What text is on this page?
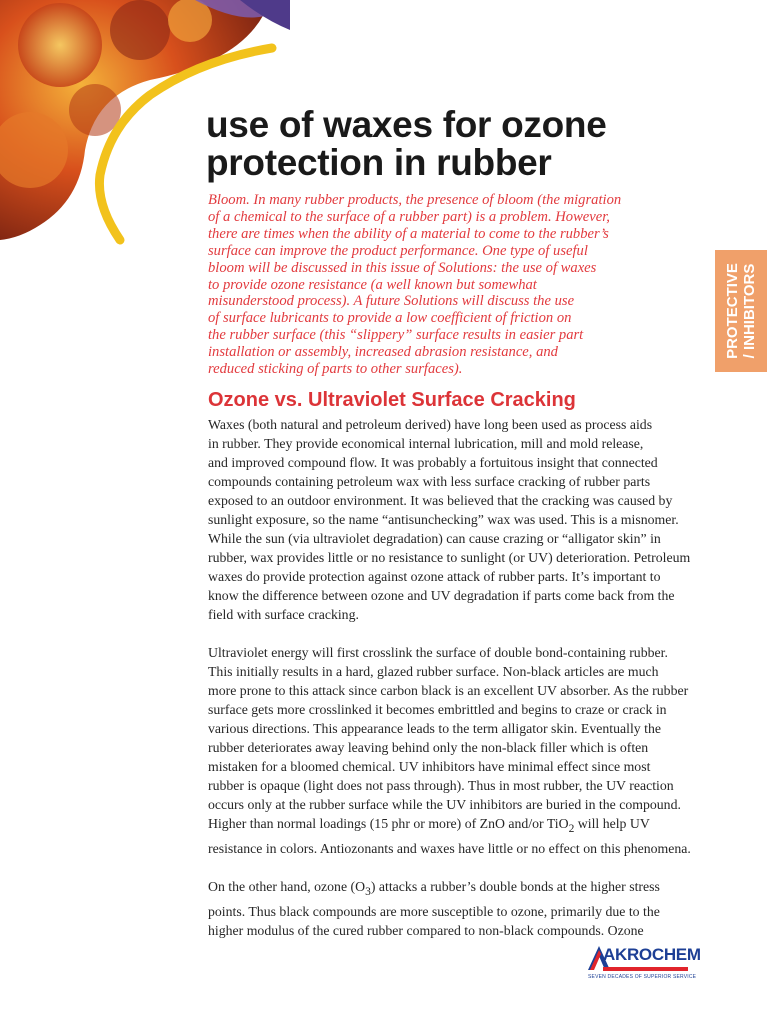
PROTECTIVE / INHIBITORS
use of waxes for ozone
protection in rubber
Bloom. In many rubber products, the presence of bloom (the migration
of a chemical to the surface of a rubber part) is a problem. However,
there are times when the ability of a material to come to the rubber’s
surface can improve the product performance. One type of useful
bloom will be discussed in this issue of Solutions: the use of waxes
to provide ozone resistance (a well known but somewhat
misunderstood process). A future Solutions will discuss the use
of surface lubricants to provide a low coefficient of friction on
the rubber surface (this “slippery” surface results in easier part
installation or assembly, increased abrasion resistance, and
reduced sticking of parts to other surfaces).
Ozone vs. Ultraviolet Surface Cracking

Waxes (both natural and petroleum derived) have long been used as process aids
in rubber. They provide economical internal lubrication, mill and mold release,
and improved compound flow. It was probably a fortuitous insight that connected
compounds containing petroleum wax with less surface cracking of rubber parts
exposed to an outdoor environment. It was believed that the cracking was caused by
sunlight exposure, so the name “antisunchecking” wax was used. This is a misnomer.
While the sun (via ultraviolet degradation) can cause crazing or “alligator skin” in
rubber, wax provides little or no resistance to sunlight (or UV) deterioration. Petroleum
waxes do provide protection against ozone attack of rubber parts. It’s important to
know the difference between ozone and UV degradation if parts come back from the
field with surface cracking.

Ultraviolet energy will first crosslink the surface of double bond-containing rubber.
This initially results in a hard, glazed rubber surface. Non-black articles are much
more prone to this attack since carbon black is an excellent UV absorber. As the rubber
surface gets more crosslinked it becomes embrittled and begins to craze or crack in
various directions. This appearance leads to the term alligator skin. Eventually the
rubber deteriorates away leaving behind only the non-black filler which is often
mistaken for a bloomed chemical. UV inhibitors have minimal effect since most
rubber is opaque (light does not pass through). Thus in most rubber, the UV reaction
occurs only at the rubber surface while the UV inhibitors are buried in the compound.
Higher than normal loadings (15 phr or more) of ZnO and/or TiO$_2$ will help UV
resistance in colors. Antiozonants and waxes have little or no effect on this phenomena.

On the other hand, ozone $(O_3)$ attacks a rubber’s double bonds at the higher stress
points. Thus black compounds are more susceptible to ozone, primarily due to the
higher modulus of the cured rubber compared to non-black compounds. Ozone

AKROCHEM
SEVEN DECADES OF SUPERIOR SERVICE
